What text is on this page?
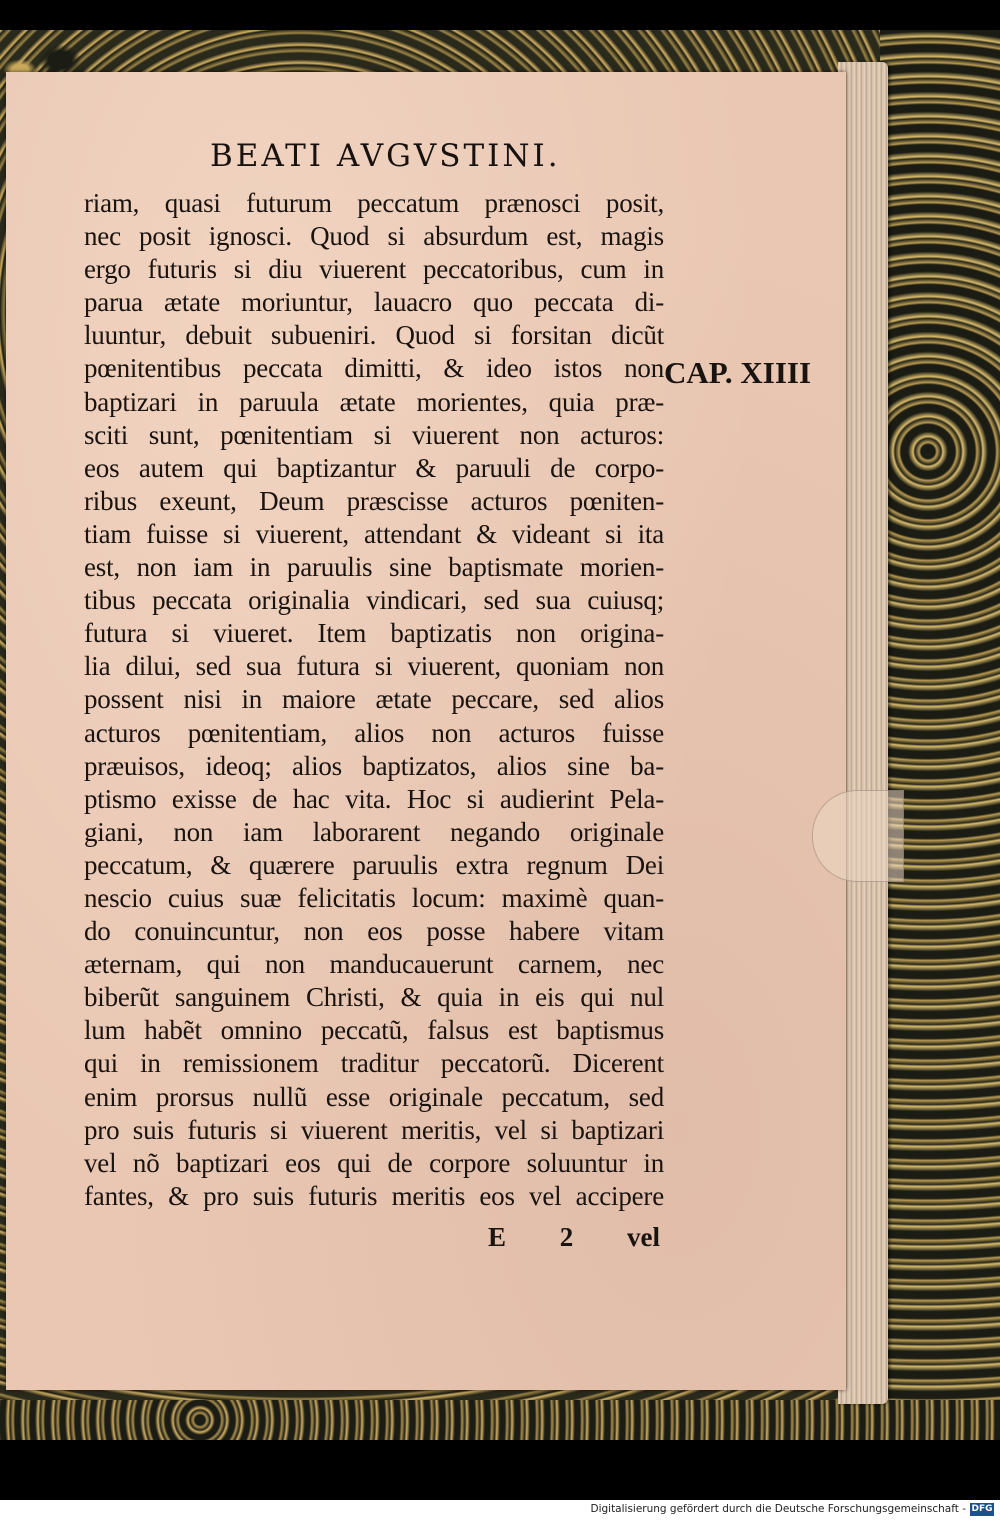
BEATI AVGVSTINI.
riam, quasi futurum peccatum prænosci posit,
nec posit ignosci. Quod si absurdum est, magis
ergo futuris si diu viuerent peccatoribus, cum in
parua ætate moriuntur, lauacro quo peccata di-
luuntur, debuit subueniri. Quod si forsitan dicũt
pœnitentibus peccata dimitti, & ideo istos non
baptizari in paruula ætate morientes, quia præ-
sciti sunt, pœnitentiam si viuerent non acturos:
eos autem qui baptizantur & paruuli de corpo-
ribus exeunt, Deum præscisse acturos pœniten-
tiam fuisse si viuerent, attendant & videant si ita
est, non iam in paruulis sine baptismate morien-
tibus peccata originalia vindicari, sed sua cuiusq;
futura si viueret. Item baptizatis non origina-
lia dilui, sed sua futura si viuerent, quoniam non
possent nisi in maiore ætate peccare, sed alios
acturos pœnitentiam, alios non acturos fuisse
præuisos, ideoq; alios baptizatos, alios sine ba-
ptismo exisse de hac vita. Hoc si audierint Pela-
giani, non iam laborarent negando originale
peccatum, & quærere paruulis extra regnum Dei
nescio cuius suæ felicitatis locum: maximè quan-
do conuincuntur, non eos posse habere vitam
æternam, qui non manducauerunt carnem, nec
biberũt sanguinem Christi, & quia in eis qui nul
lum habẽt omnino peccatũ, falsus est baptismus
qui in remissionem traditur peccatorũ. Dicerent
enim prorsus nullũ esse originale peccatum, sed
pro suis futuris si viuerent meritis, vel si baptizari
vel nõ baptizari eos qui de corpore soluuntur in
fantes, & pro suis futuris meritis eos vel accipere
CAP. XIIII
E 2 vel
Digitalisierung gefördert durch die Deutsche Forschungsgemeinschaft - DFG
